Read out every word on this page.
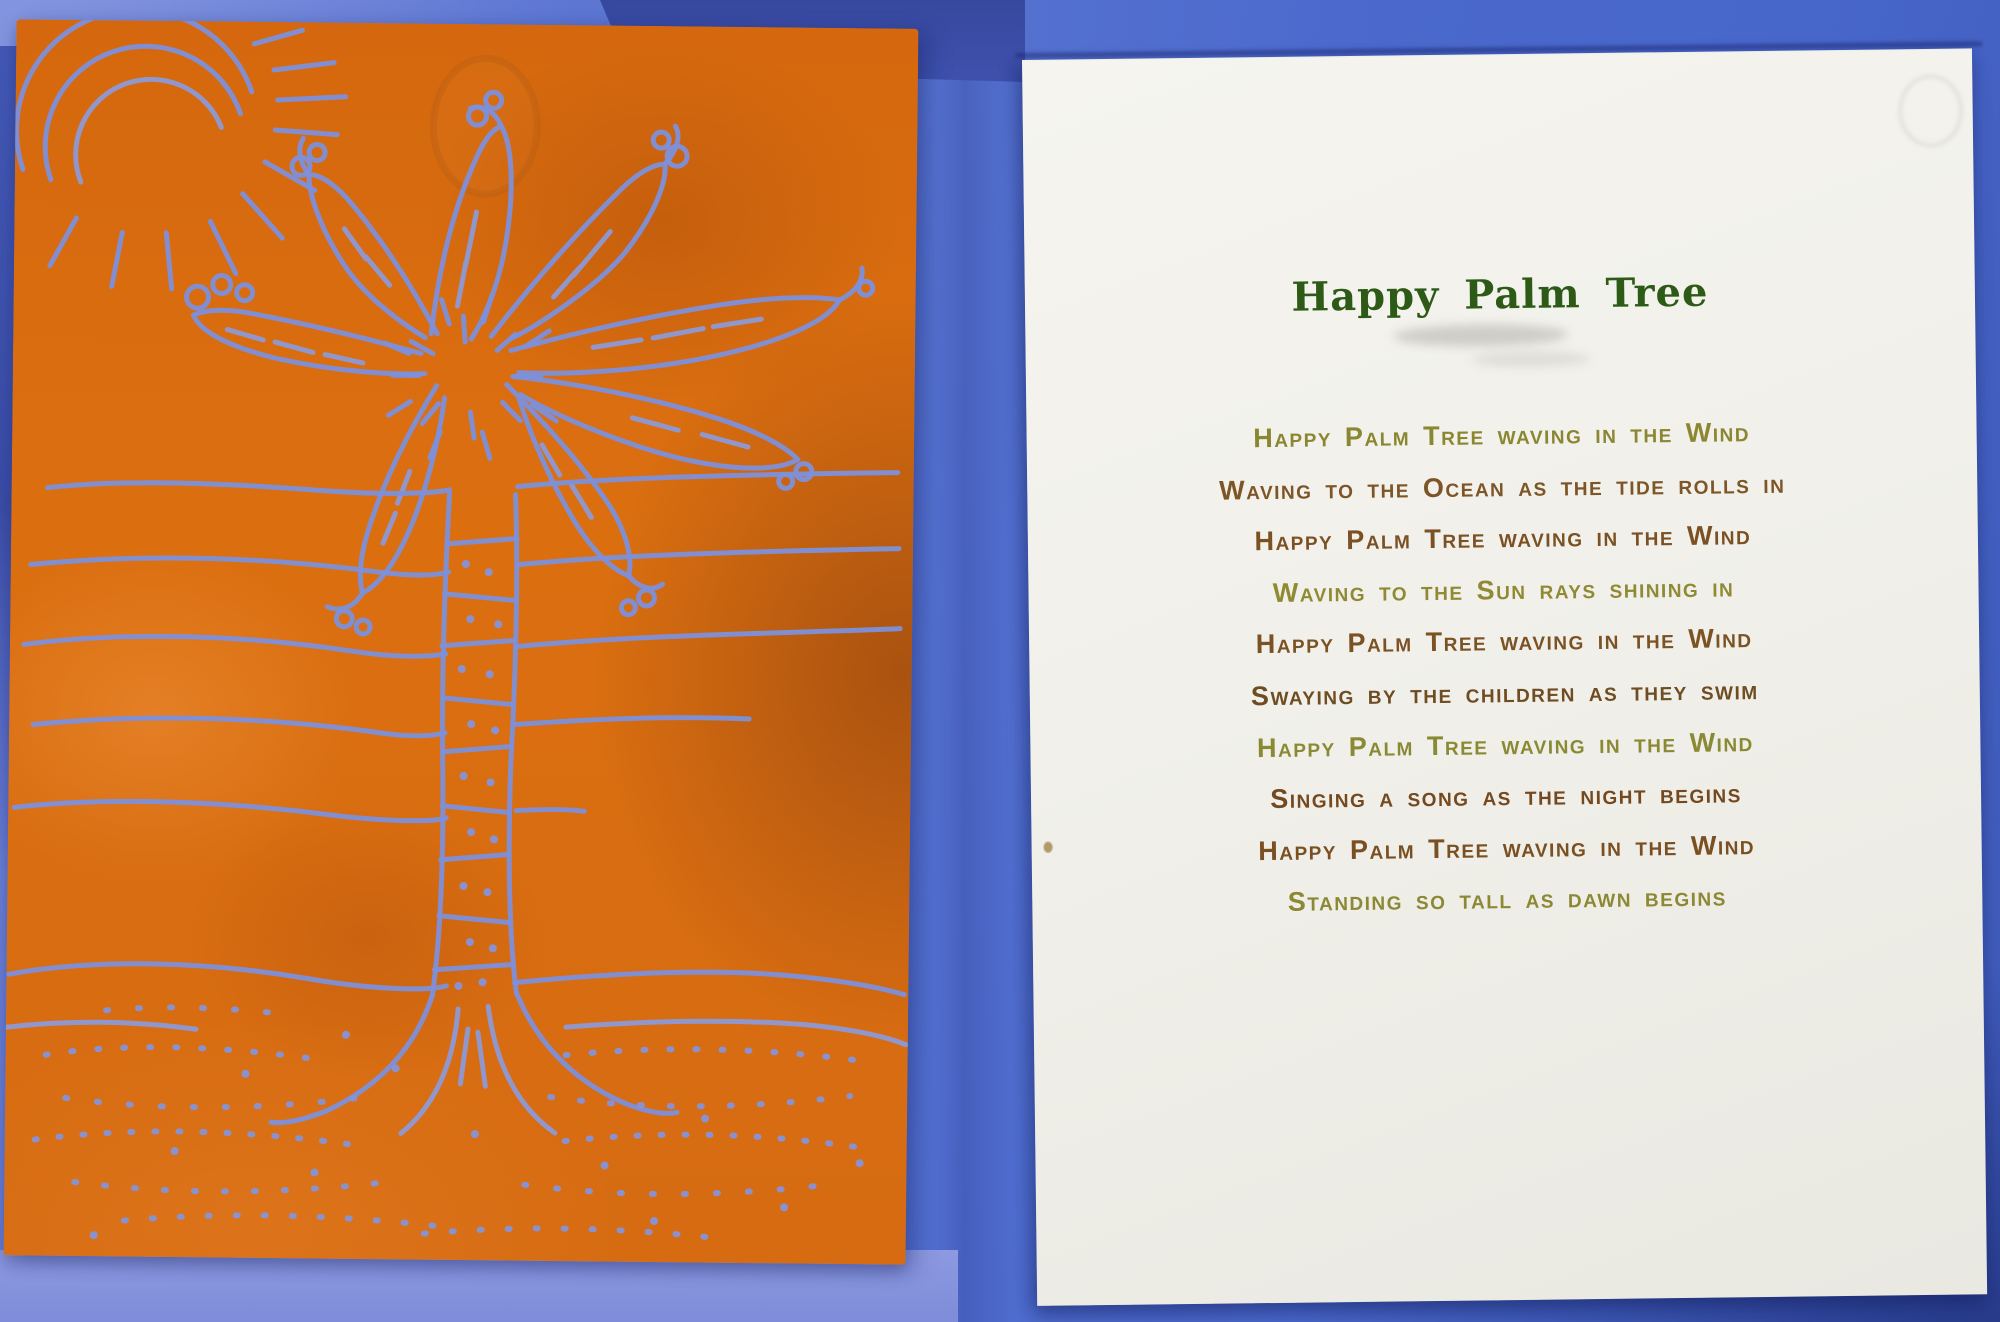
Happy Palm Tree
Happy Palm Tree waving in the Wind
Waving to the Ocean as the tide rolls in
Happy Palm Tree waving in the Wind
Waving to the Sun rays shining in
Happy Palm Tree waving in the Wind
Swaying by the children as they swim
Happy Palm Tree waving in the Wind
Singing a song as the night begins
Happy Palm Tree waving in the Wind
Standing so tall as dawn begins
